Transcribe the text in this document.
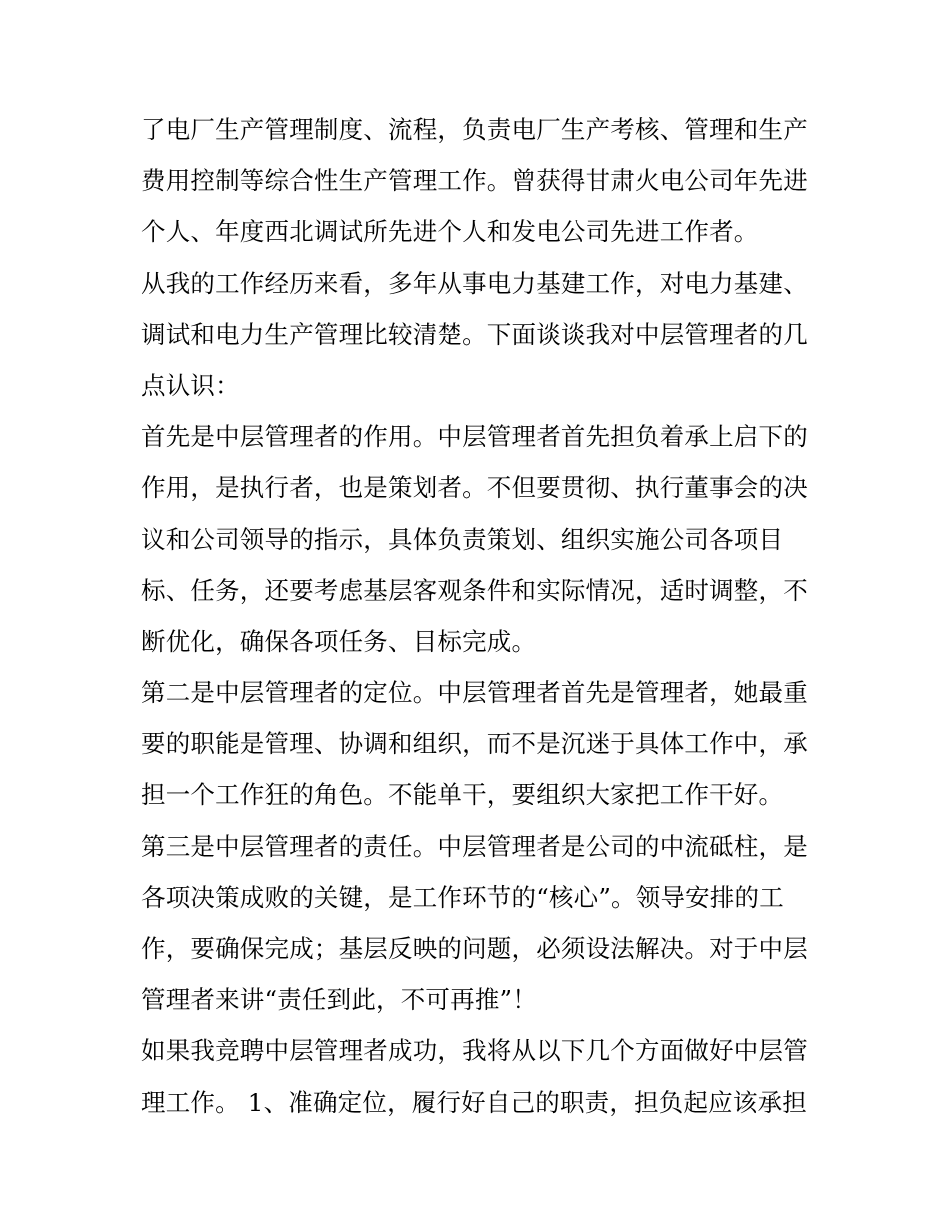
了电厂生产管理制度、流程，负责电厂生产考核、管理和生产
费用控制等综合性生产管理工作。曾获得甘肃火电公司年先进
个人、年度西北调试所先进个人和发电公司先进工作者。
从我的工作经历来看，多年从事电力基建工作，对电力基建、
调试和电力生产管理比较清楚。下面谈谈我对中层管理者的几
点认识：
首先是中层管理者的作用。中层管理者首先担负着承上启下的
作用，是执行者，也是策划者。不但要贯彻、执行董事会的决
议和公司领导的指示，具体负责策划、组织实施公司各项目
标、任务，还要考虑基层客观条件和实际情况，适时调整，不
断优化，确保各项任务、目标完成。
第二是中层管理者的定位。中层管理者首先是管理者，她最重
要的职能是管理、协调和组织，而不是沉迷于具体工作中，承
担一个工作狂的角色。不能单干，要组织大家把工作干好。
第三是中层管理者的责任。中层管理者是公司的中流砥柱，是
各项决策成败的关键，是工作环节的“核心”。领导安排的工
作，要确保完成；基层反映的问题，必须设法解决。对于中层
管理者来讲“责任到此，不可再推”！
如果我竞聘中层管理者成功，我将从以下几个方面做好中层管
理工作。 1、准确定位，履行好自己的职责，担负起应该承担
